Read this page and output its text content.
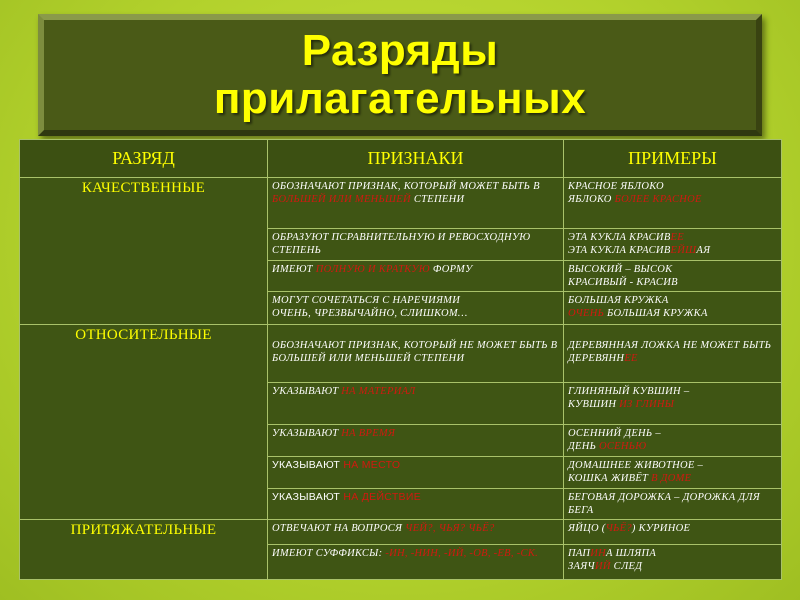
Разряды
прилагательных
РАЗРЯД	ПРИЗНАКИ	ПРИМЕРЫ
КАЧЕСТВЕННЫЕ	ОБОЗНАЧАЮТ ПРИЗНАК, КОТОРЫЙ МОЖЕТ БЫТЬ В БОЛЬШЕЙ ИЛИ МЕНЬШЕЙ СТЕПЕНИ	КРАСНОЕ ЯБЛОКО
ЯБЛОКО БОЛЕЕ КРАСНОЕ
	ОБРАЗУЮТ ПСРАВНИТЕЛЬНУЮ И РЕВОСХОДНУЮ СТЕПЕНЬ	ЭТА КУКЛА КРАСИВЕЕ
ЭТА КУКЛА КРАСИВЕЙШАЯ
	ИМЕЮТ ПОЛНУЮ И КРАТКУЮ ФОРМУ	ВЫСОКИЙ – ВЫСОК
КРАСИВЫЙ - КРАСИВ
	МОГУТ СОЧЕТАТЬСЯ С НАРЕЧИЯМИ
ОЧЕНЬ, ЧРЕЗВЫЧАЙНО, СЛИШКОМ…	БОЛЬШАЯ КРУЖКА
ОЧЕНЬ БОЛЬШАЯ КРУЖКА
ОТНОСИТЕЛЬНЫЕ	ОБОЗНАЧАЮТ ПРИЗНАК, КОТОРЫЙ НЕ МОЖЕТ БЫТЬ В БОЛЬШЕЙ ИЛИ МЕНЬШЕЙ СТЕПЕНИ	ДЕРЕВЯННАЯ ЛОЖКА НЕ МОЖЕТ БЫТЬ ДЕРЕВЯННЕЕ
	УКАЗЫВАЮТ НА МАТЕРИАЛ	ГЛИНЯНЫЙ КУВШИН –
КУВШИН ИЗ ГЛИНЫ
	УКАЗЫВАЮТ НА ВРЕМЯ	ОСЕННИЙ ДЕНЬ –
ДЕНЬ ОСЕНЬЮ
	УКАЗЫВАЮТ НА МЕСТО	ДОМАШНЕЕ ЖИВОТНОЕ –
КОШКА ЖИВЁТ В ДОМЕ
	УКАЗЫВАЮТ НА ДЕЙСТВИЕ	БЕГОВАЯ ДОРОЖКА – ДОРОЖКА ДЛЯ БЕГА
ПРИТЯЖАТЕЛЬНЫЕ	ОТВЕЧАЮТ НА ВОПРОСЯ ЧЕЙ?, ЧЬЯ? ЧЬЁ?	ЯЙЦО (ЧЬЁ?) КУРИНОЕ
	ИМЕЮТ СУФФИКСЫ: -ИН, -НИН, -ИЙ, -ОВ, -ЕВ, -СК.	ПАПИНА ШЛЯПА
ЗАЯЧИЙ СЛЕД
